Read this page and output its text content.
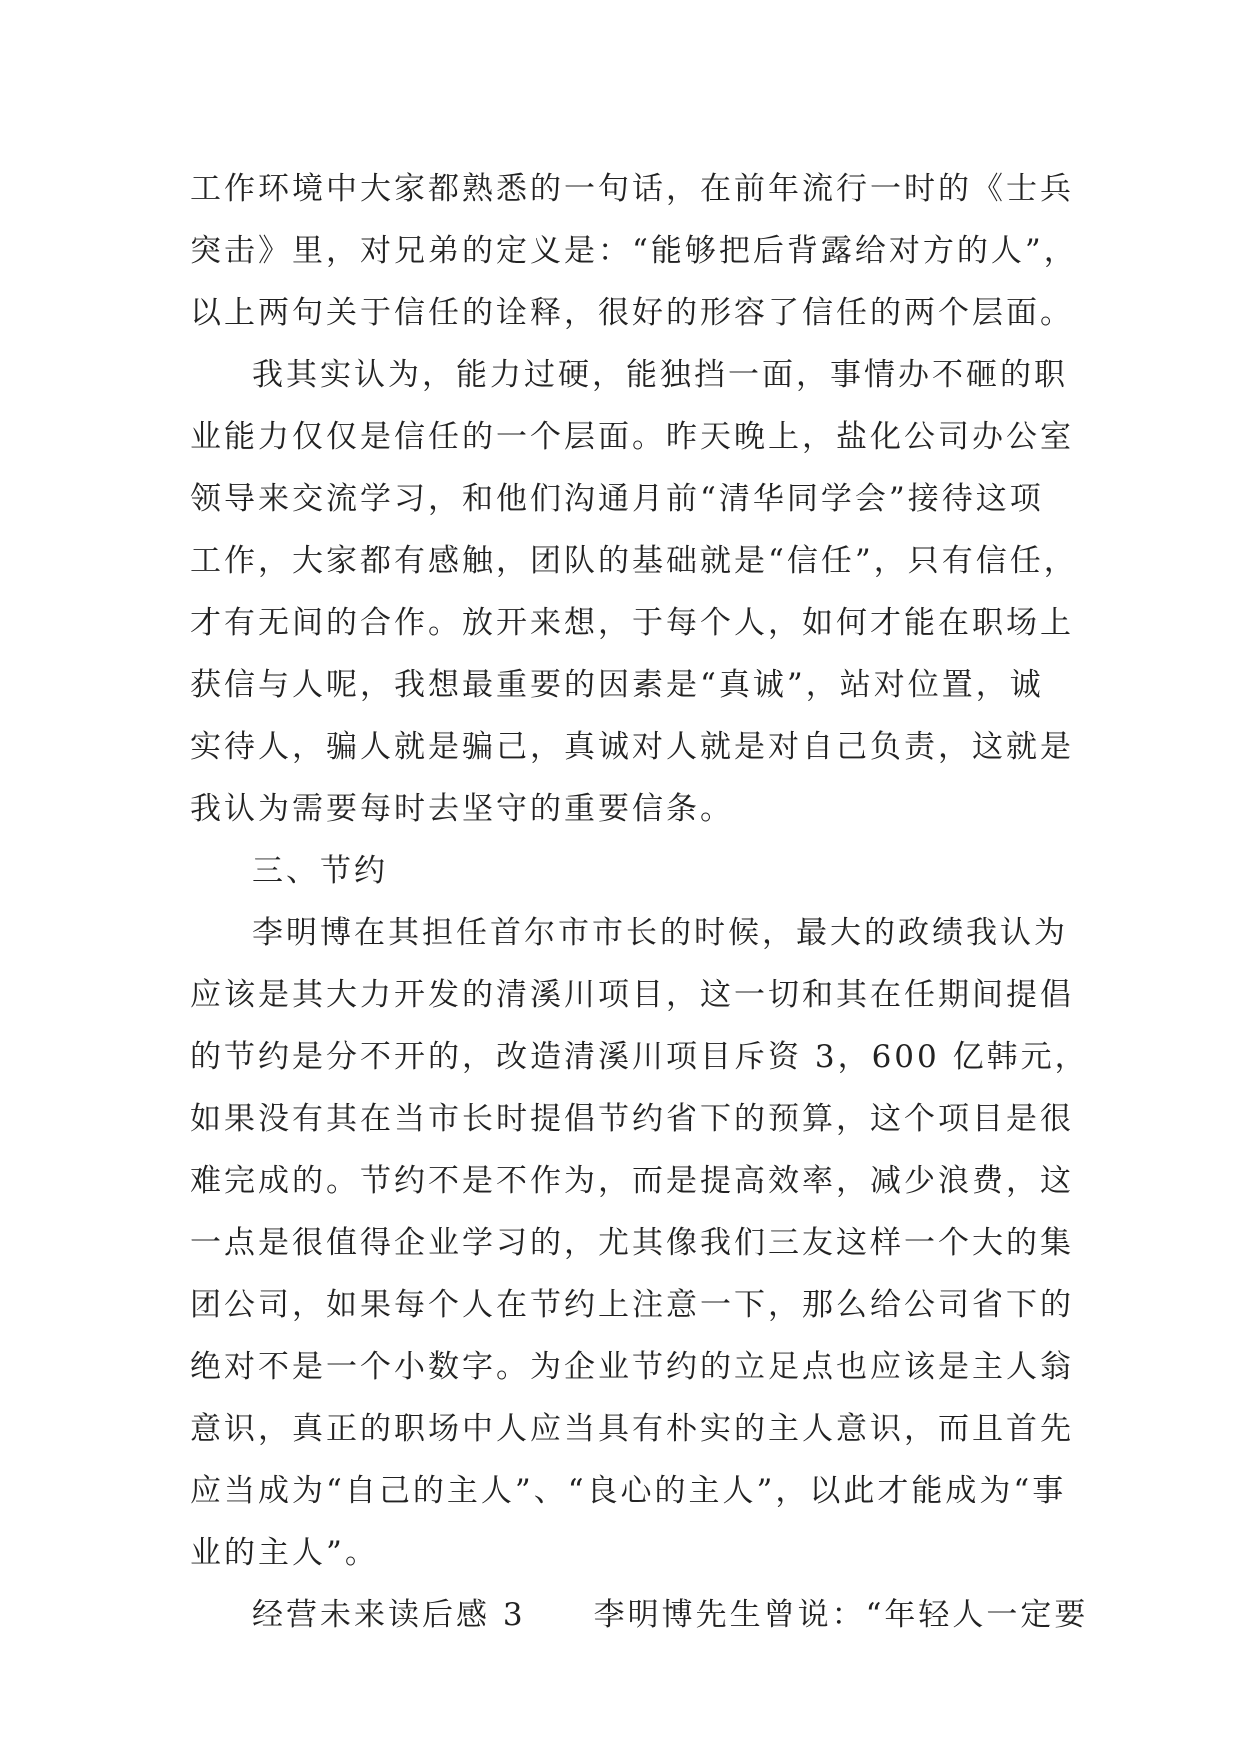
工作环境中大家都熟悉的一句话，在前年流行一时的《士兵
突击》里，对兄弟的定义是：“能够把后背露给对方的人”，
以上两句关于信任的诠释，很好的形容了信任的两个层面。
我其实认为，能力过硬，能独挡一面，事情办不砸的职
业能力仅仅是信任的一个层面。昨天晚上，盐化公司办公室
领导来交流学习，和他们沟通月前“清华同学会”接待这项
工作，大家都有感触，团队的基础就是“信任”，只有信任，
才有无间的合作。放开来想，于每个人，如何才能在职场上
获信与人呢，我想最重要的因素是“真诚”，站对位置，诚
实待人，骗人就是骗己，真诚对人就是对自己负责，这就是
我认为需要每时去坚守的重要信条。
三、节约
李明博在其担任首尔市市长的时候，最大的政绩我认为
应该是其大力开发的清溪川项目，这一切和其在任期间提倡
的节约是分不开的，改造清溪川项目斥资 3，600 亿韩元，
如果没有其在当市长时提倡节约省下的预算，这个项目是很
难完成的。节约不是不作为，而是提高效率，减少浪费，这
一点是很值得企业学习的，尤其像我们三友这样一个大的集
团公司，如果每个人在节约上注意一下，那么给公司省下的
绝对不是一个小数字。为企业节约的立足点也应该是主人翁
意识，真正的职场中人应当具有朴实的主人意识，而且首先
应当成为“自己的主人”、“良心的主人”，以此才能成为“事
业的主人”。
经营未来读后感 3　　李明博先生曾说：“年轻人一定要
